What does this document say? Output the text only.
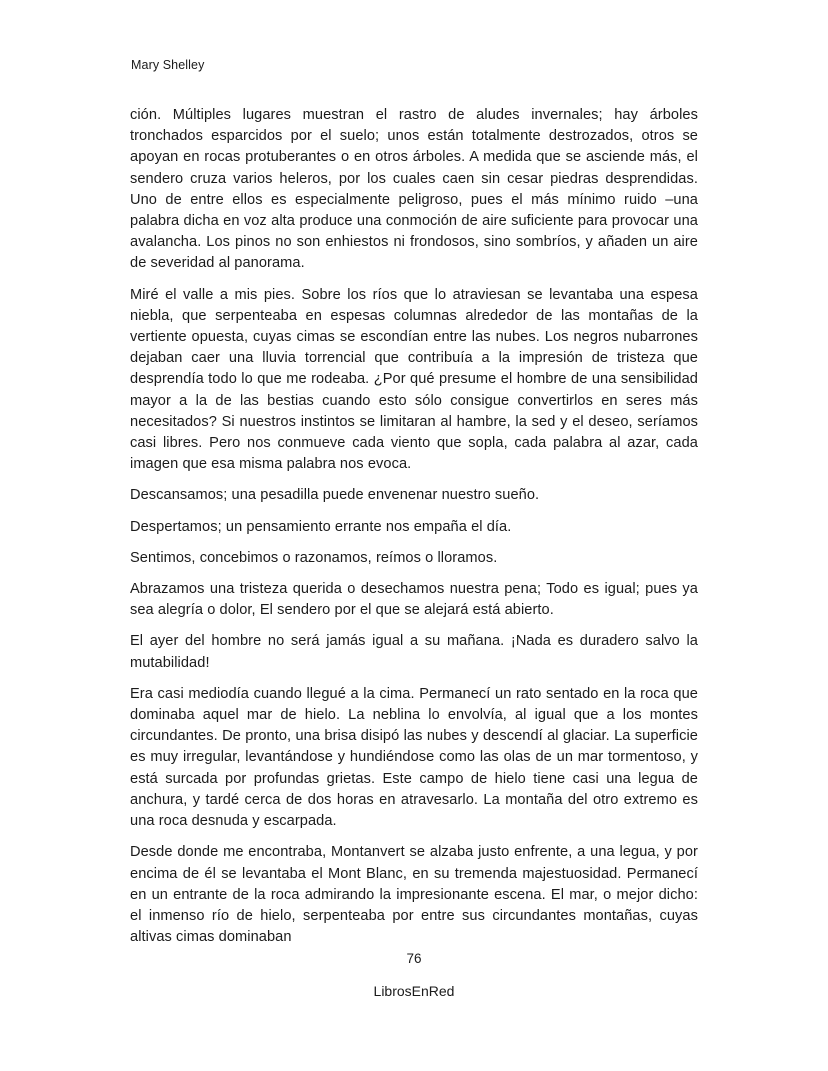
Mary Shelley

ción. Múltiples lugares muestran el rastro de aludes invernales; hay árboles tronchados esparcidos por el suelo; unos están totalmente destrozados, otros se apoyan en rocas protuberantes o en otros árboles. A medida que se asciende más, el sendero cruza varios heleros, por los cuales caen sin cesar piedras desprendidas. Uno de entre ellos es especialmente peligroso, pues el más mínimo ruido –una palabra dicha en voz alta produce una conmoción de aire suficiente para provocar una avalancha. Los pinos no son enhiestos ni frondosos, sino sombríos, y añaden un aire de severidad al panorama.

Miré el valle a mis pies. Sobre los ríos que lo atraviesan se levantaba una espesa niebla, que serpenteaba en espesas columnas alrededor de las montañas de la vertiente opuesta, cuyas cimas se escondían entre las nubes. Los negros nubarrones dejaban caer una lluvia torrencial que contribuía a la impresión de tristeza que desprendía todo lo que me rodeaba. ¿Por qué presume el hombre de una sensibilidad mayor a la de las bestias cuando esto sólo consigue convertirlos en seres más necesitados? Si nuestros instintos se limitaran al hambre, la sed y el deseo, seríamos casi libres. Pero nos conmueve cada viento que sopla, cada palabra al azar, cada imagen que esa misma palabra nos evoca.

Descansamos; una pesadilla puede envenenar nuestro sueño.

Despertamos; un pensamiento errante nos empaña el día.

Sentimos, concebimos o razonamos, reímos o lloramos.

Abrazamos una tristeza querida o desechamos nuestra pena; Todo es igual; pues ya sea alegría o dolor, El sendero por el que se alejará está abierto.

El ayer del hombre no será jamás igual a su mañana. ¡Nada es duradero salvo la mutabilidad!

Era casi mediodía cuando llegué a la cima. Permanecí un rato sentado en la roca que dominaba aquel mar de hielo. La neblina lo envolvía, al igual que a los montes circundantes. De pronto, una brisa disipó las nubes y descendí al glaciar. La superficie es muy irregular, levantándose y hundiéndose como las olas de un mar tormentoso, y está surcada por profundas grietas. Este campo de hielo tiene casi una legua de anchura, y tardé cerca de dos horas en atravesarlo. La montaña del otro extremo es una roca desnuda y escarpada.

Desde donde me encontraba, Montanvert se alzaba justo enfrente, a una legua, y por encima de él se levantaba el Mont Blanc, en su tremenda majestuosidad. Permanecí en un entrante de la roca admirando la impresionante escena. El mar, o mejor dicho: el inmenso río de hielo, serpenteaba por entre sus circundantes montañas, cuyas altivas cimas dominaban

76
LibrosEnRed
